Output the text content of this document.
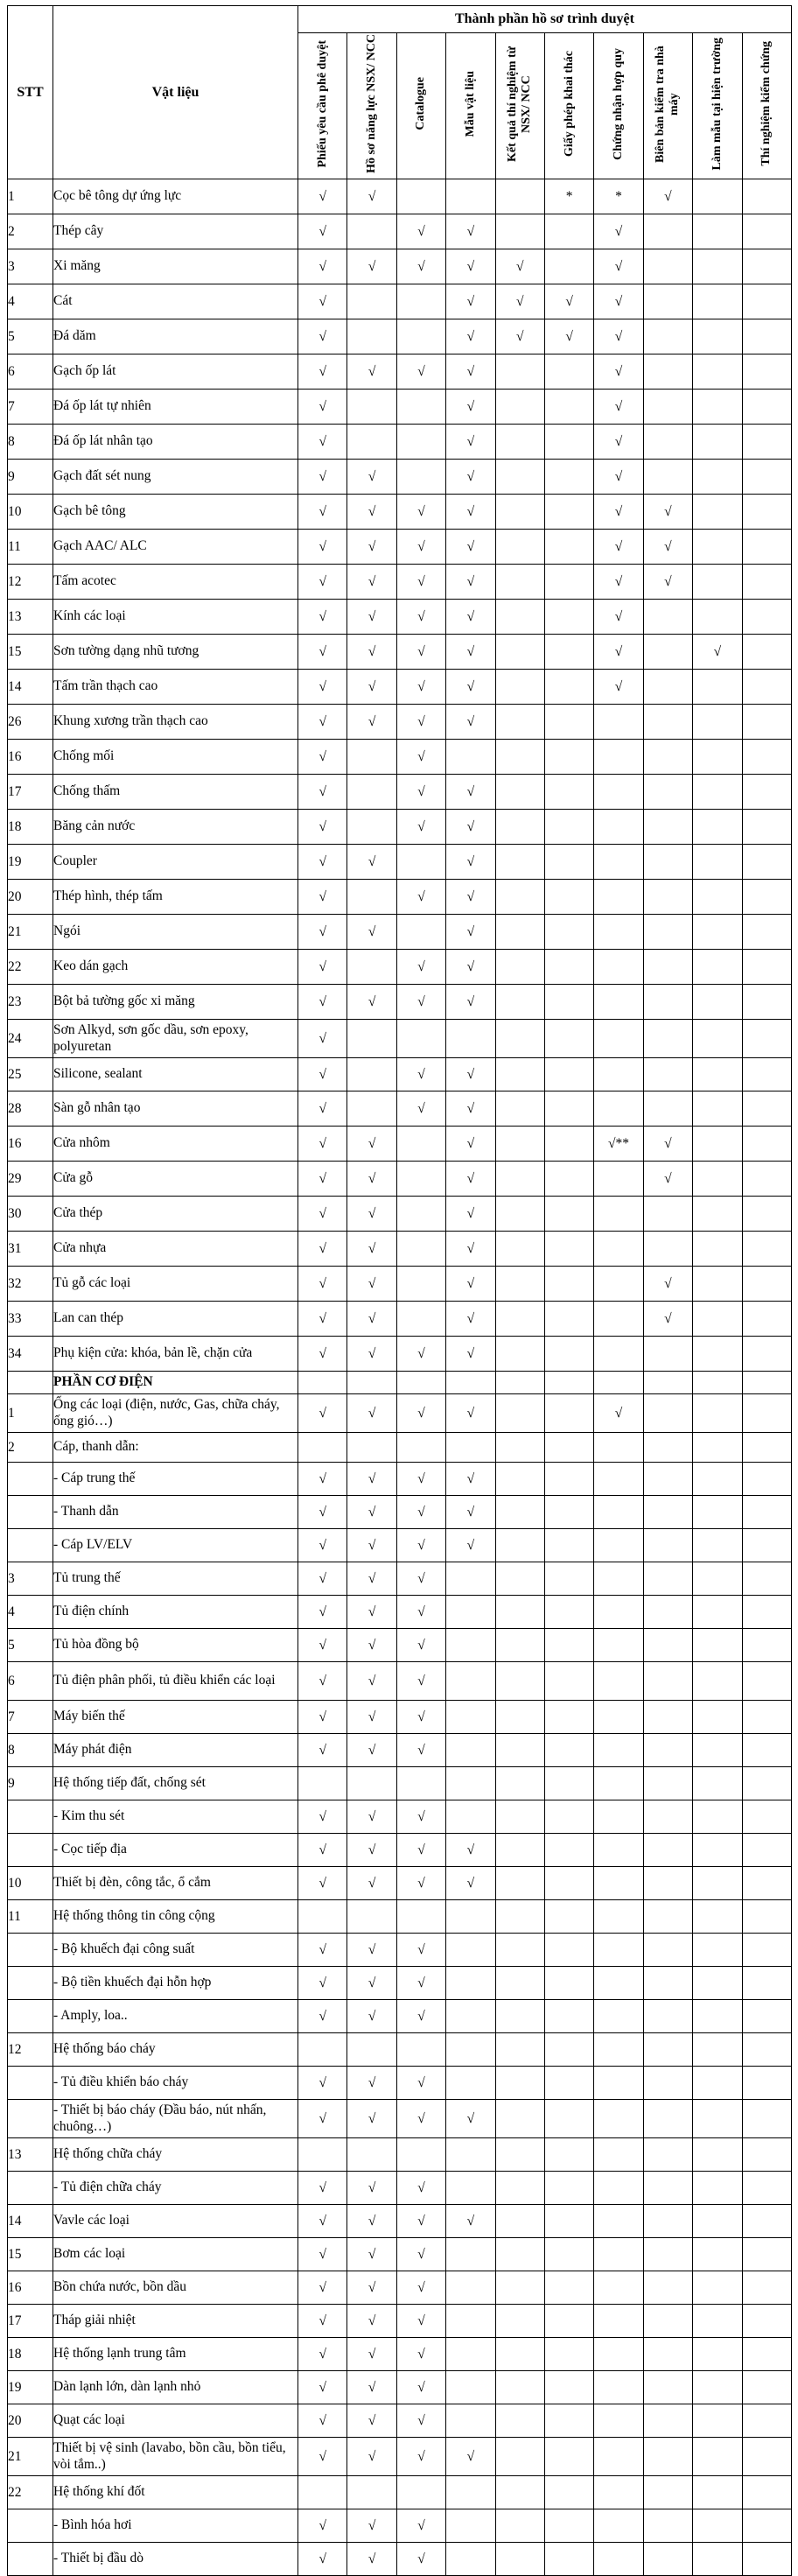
STT	Vật liệu	Thành phần hồ sơ trình duyệt									
		Phiếu yêu cầu phê duyệt	Hồ sơ năng lực NSX/ NCC	Catalogue	Mẫu vật liệu	Kết quả thí nghiệm từ NSX/ NCC	Giấy phép khai thác	Chứng nhận hợp quy	Biên bản kiểm tra nhà máy	Làm mẫu tại hiện trường	Thí nghiệm kiểm chứng
1	Cọc bê tông dự ứng lực	√	√				*	*	√		
2	Thép cây	√		√	√			√			
3	Xi măng	√	√	√	√	√		√			
4	Cát	√			√	√	√	√			
5	Đá dăm	√			√	√	√	√			
6	Gạch ốp lát	√	√	√	√			√			
7	Đá ốp lát tự nhiên	√			√			√			
8	Đá ốp lát nhân tạo	√			√			√			
9	Gạch đất sét nung	√	√		√			√			
10	Gạch bê tông	√	√	√	√			√	√		
11	Gạch AAC/ ALC	√	√	√	√			√	√		
12	Tấm acotec	√	√	√	√			√	√		
13	Kính các loại	√	√	√	√			√			
15	Sơn tường dạng nhũ tương	√	√	√	√			√		√	
14	Tấm trần thạch cao	√	√	√	√			√			
26	Khung xương trần thạch cao	√	√	√	√						
16	Chống mối	√		√							
17	Chống thấm	√		√	√						
18	Băng cản nước	√		√	√						
19	Coupler	√	√		√						
20	Thép hình, thép tấm	√		√	√						
21	Ngói	√	√		√						
22	Keo dán gạch	√		√	√						
23	Bột bả tường gốc xi măng	√	√	√	√						
24	Sơn Alkyd, sơn gốc dầu, sơn epoxy, polyuretan	√									
25	Silicone, sealant	√		√	√						
28	Sàn gỗ nhân tạo	√		√	√						
16	Cửa nhôm	√	√		√			√**	√		
29	Cửa gỗ	√	√		√				√		
30	Cửa thép	√	√		√						
31	Cửa nhựa	√	√		√						
32	Tủ gỗ các loại	√	√		√				√		
33	Lan can thép	√	√		√				√		
34	Phụ kiện cửa: khóa, bản lề, chặn cửa	√	√	√	√						
	PHẦN CƠ ĐIỆN										
1	Ống các loại (điện, nước, Gas, chữa cháy, ống gió…)	√	√	√	√			√			
2	Cáp, thanh dẫn:										
	- Cáp trung thế	√	√	√	√						
	- Thanh dẫn	√	√	√	√						
	- Cáp LV/ELV	√	√	√	√						
3	Tủ trung thế	√	√	√							
4	Tủ điện chính	√	√	√							
5	Tủ hòa đồng bộ	√	√	√							
6	Tủ điện phân phối, tủ điều khiển các loại	√	√	√							
7	Máy biến thế	√	√	√							
8	Máy phát điện	√	√	√							
9	Hệ thống tiếp đất, chống sét										
	- Kim thu sét	√	√	√							
	- Cọc tiếp địa	√	√	√	√						
10	Thiết bị đèn, công tắc, ổ cắm	√	√	√	√						
11	Hệ thống thông tin công cộng										
	- Bộ khuếch đại công suất	√	√	√							
	- Bộ tiền khuếch đại hỗn hợp	√	√	√							
	- Amply, loa..	√	√	√							
12	Hệ thống báo cháy										
	- Tủ điều khiển báo cháy	√	√	√							
	- Thiết bị báo cháy (Đầu báo, nút nhấn, chuông…)	√	√	√	√						
13	Hệ thống chữa cháy										
	- Tủ điện chữa cháy	√	√	√							
14	Vavle các loại	√	√	√	√						
15	Bơm các loại	√	√	√							
16	Bồn chứa nước, bồn dầu	√	√	√							
17	Tháp giải nhiệt	√	√	√							
18	Hệ thống lạnh trung tâm	√	√	√							
19	Dàn lạnh lớn, dàn lạnh nhỏ	√	√	√							
20	Quạt các loại	√	√	√							
21	Thiết bị vệ sinh (lavabo, bồn cầu, bồn tiểu, vòi tắm..)	√	√	√	√						
22	Hệ thống khí đốt										
	- Bình hóa hơi	√	√	√							
	- Thiết bị đầu dò	√	√	√							
